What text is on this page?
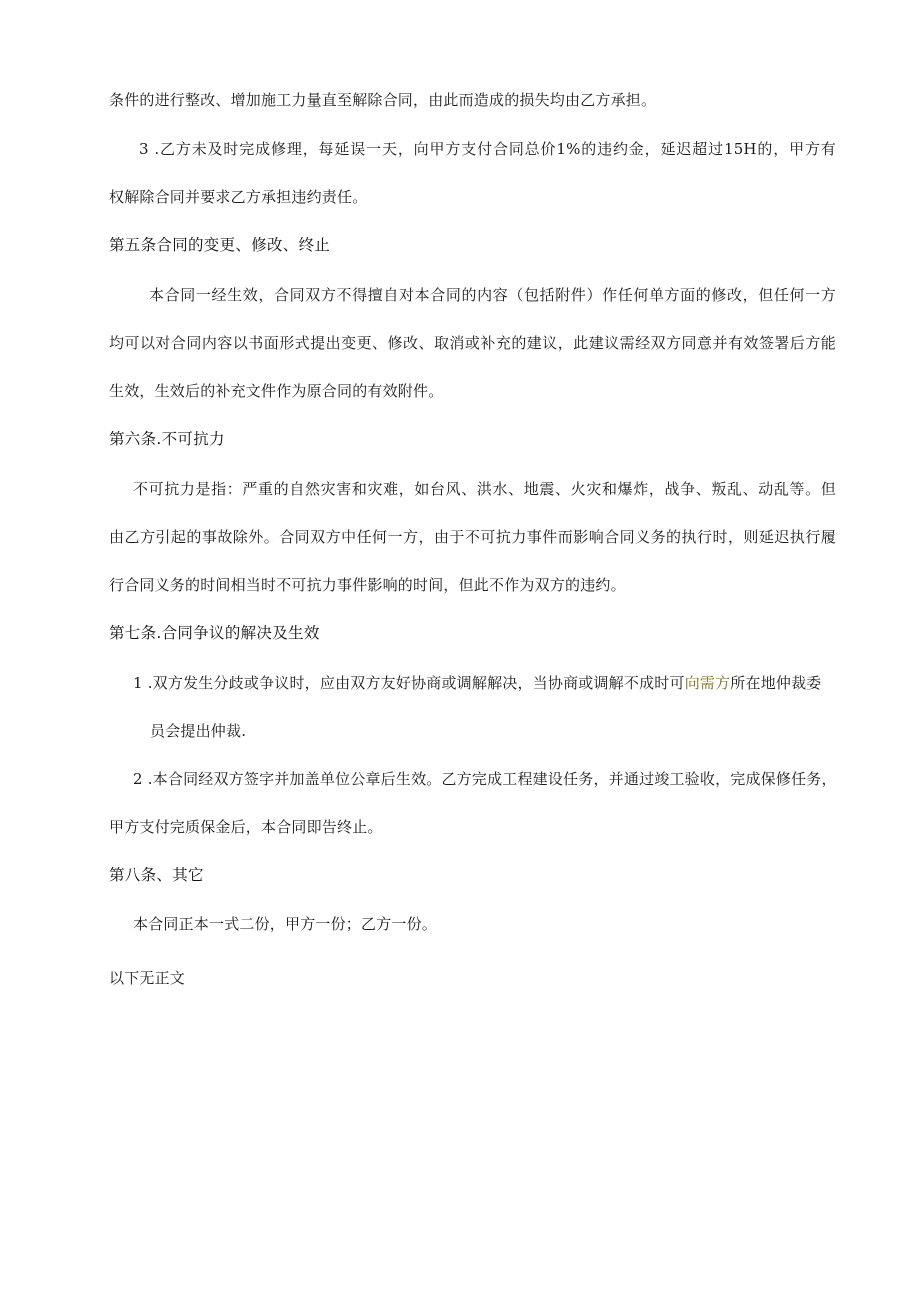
条件的进行整改、增加施工力量直至解除合同，由此而造成的损失均由乙方承担。
3 .乙方未及时完成修理，每延误一天，向甲方支付合同总价1%的违约金，延迟超过15H的，甲方有
权解除合同并要求乙方承担违约责任。
第五条合同的变更、修改、终止
本合同一经生效，合同双方不得擅自对本合同的内容（包括附件）作任何单方面的修改，但任何一方
均可以对合同内容以书面形式提出变更、修改、取消或补充的建议，此建议需经双方同意并有效签署后方能
生效，生效后的补充文件作为原合同的有效附件。
第六条.不可抗力
不可抗力是指：严重的自然灾害和灾难，如台风、洪水、地震、火灾和爆炸，战争、叛乱、动乱等。但
由乙方引起的事故除外。合同双方中任何一方，由于不可抗力事件而影响合同义务的执行时，则延迟执行履
行合同义务的时间相当时不可抗力事件影响的时间，但此不作为双方的违约。
第七条.合同争议的解决及生效
1 .双方发生分歧或争议时，应由双方友好协商或调解解决，当协商或调解不成时可向需方所在地仲裁委
员会提出仲裁.
2 .本合同经双方签字并加盖单位公章后生效。乙方完成工程建设任务，并通过竣工验收，完成保修任务，
甲方支付完质保金后，本合同即告终止。
第八条、其它
本合同正本一式二份，甲方一份；乙方一份。
以下无正文
